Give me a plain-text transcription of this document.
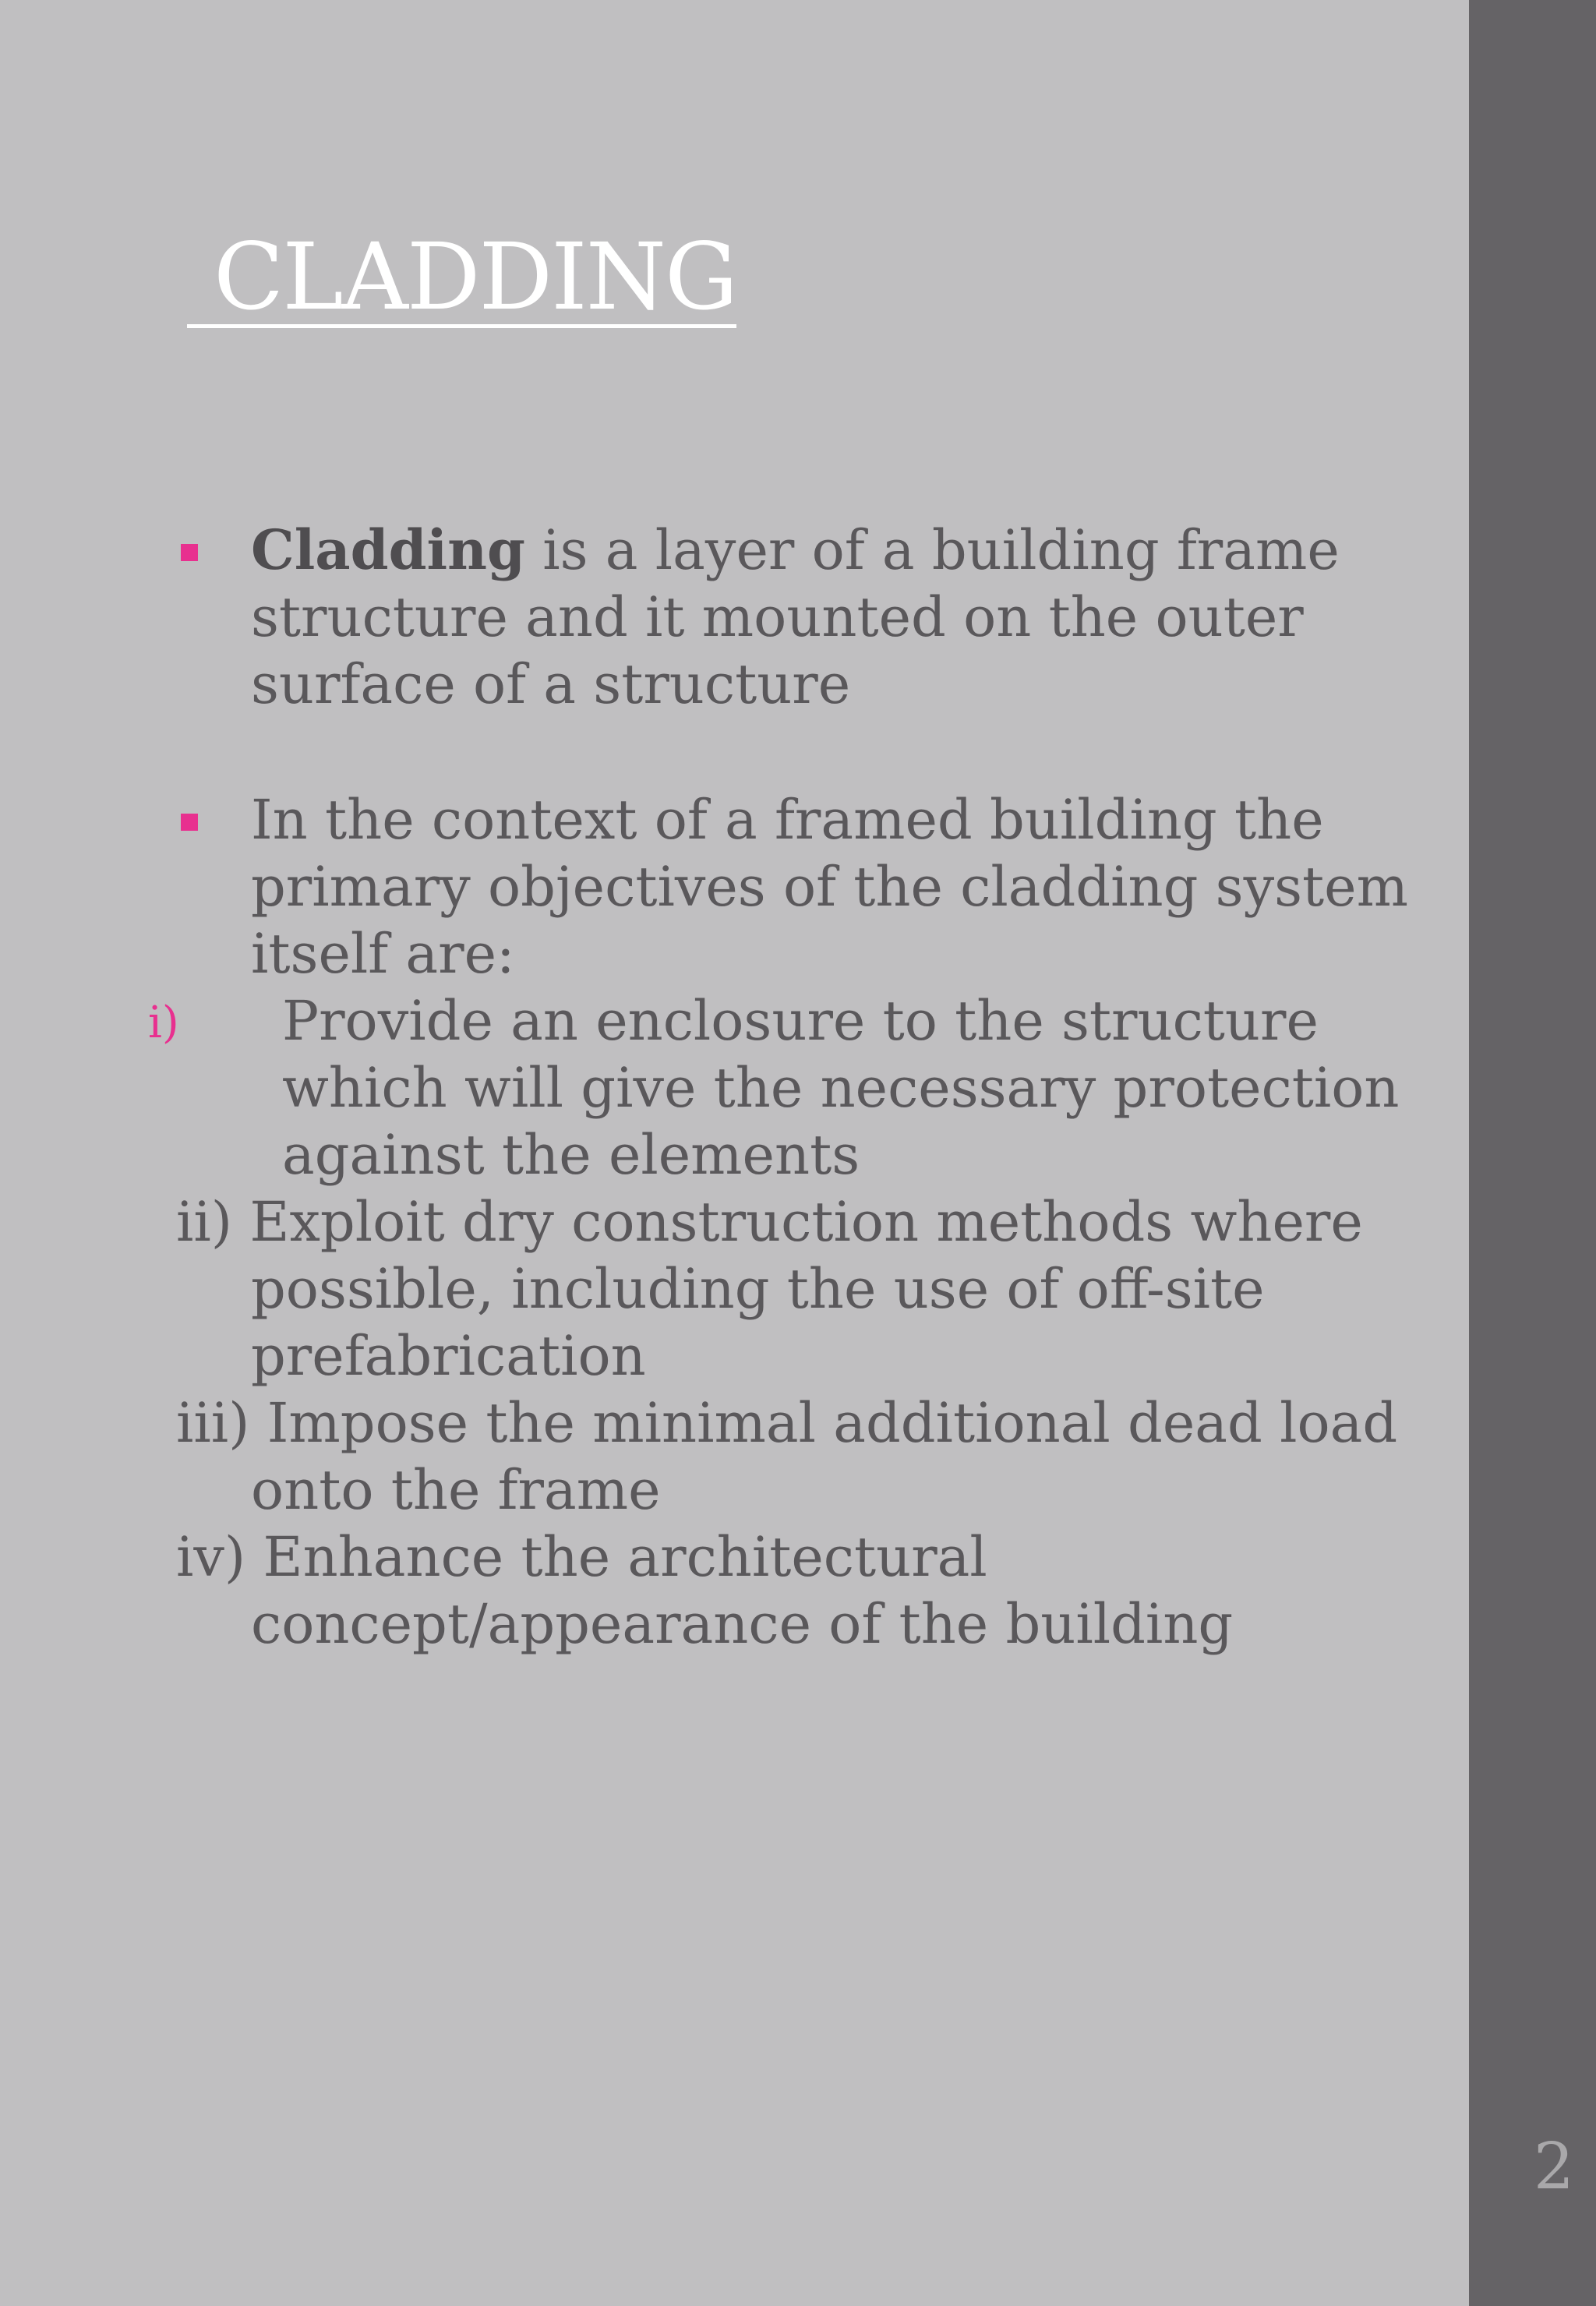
CLADDING
Cladding is a layer of a building frame
structure and it mounted on the outer
surface of a structure
In the context of a framed building the
primary objectives of the cladding system
itself are:
i) Provide an enclosure to the structure
which will give the necessary protection
against the elements
ii) Exploit dry construction methods where
possible, including the use of off-site
prefabrication
iii) Impose the minimal additional dead load
onto the frame
iv) Enhance the architectural
concept/appearance of the building
2
